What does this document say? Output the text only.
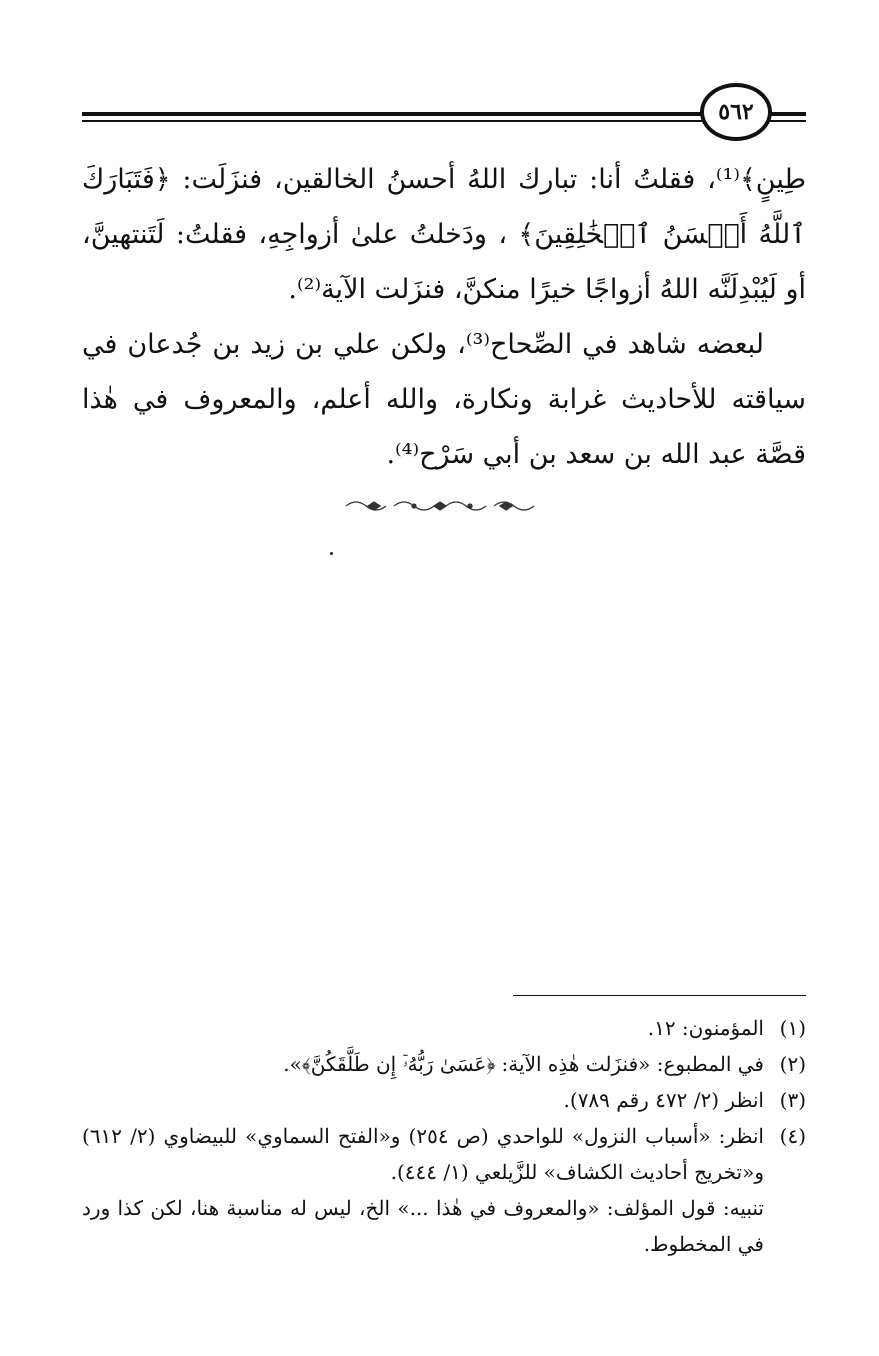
٥٦٢

طِينٍ﴾⁽¹⁾، فقلتُ أنا: تبارك اللهُ أحسنُ الخالقين، فنزَلَت: ﴿فَتَبَارَكَ ٱللَّهُ أَحۡسَنُ ٱلۡخَٰلِقِينَ﴾ ، ودَخلتُ علىٰ أزواجِهِ، فقلتُ: لَتَنتهينَّ، أو لَيُبْدِلَنَّه اللهُ أزواجًا خيرًا منكنَّ، فنزَلت الآية⁽²⁾.

لبعضه شاهد في الصِّحاح⁽³⁾، ولكن علي بن زيد بن جُدعان في سياقته للأحاديث غرابة ونكارة، والله أعلم، والمعروف في هٰذا قصَّة عبد الله بن سعد بن أبي سَرْح⁽⁴⁾.

(١)
المؤمنون: ١٢.
(٢)
في المطبوع: «فنزَلت هٰذِه الآية: ﴿عَسَىٰ رَبُّهُۥٓ إِن طَلَّقَكُنَّ﴾».
(٣)
انظر (٢/ ٤٧٢ رقم ٧٨٩).
(٤)
انظر: «أسباب النزول» للواحدي (ص ٢٥٤) و«الفتح السماوي» للبيضاوي (٢/ ٦١٢) و«تخريج أحاديث الكشاف» للزَّيلعي (١/ ٤٤٤).
تنبيه: قول المؤلف: «والمعروف في هٰذا ...» الخ، ليس له مناسبة هنا، لكن كذا ورد في المخطوط.
